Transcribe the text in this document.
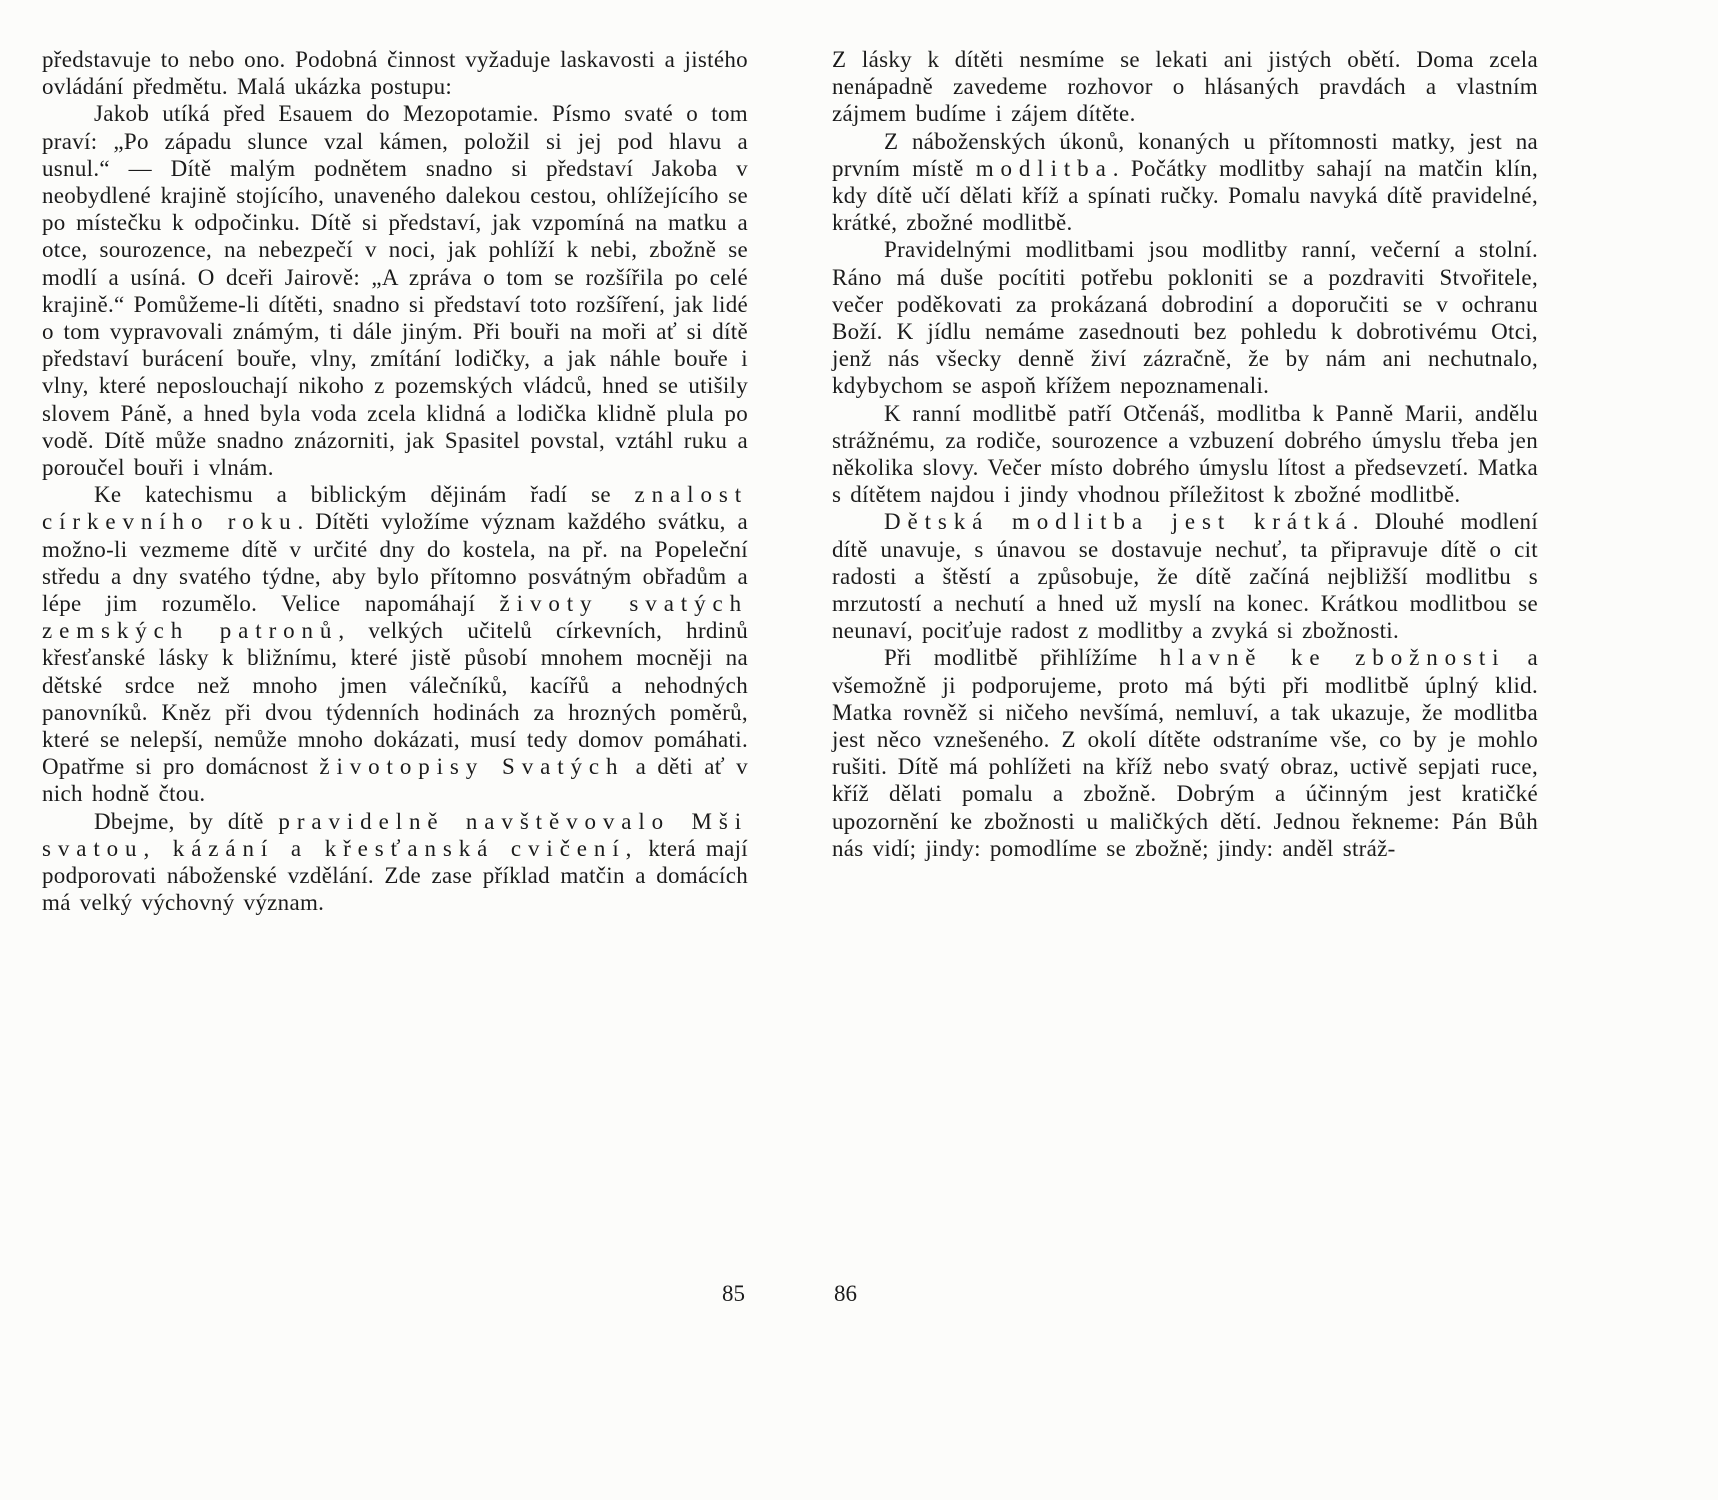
představuje to nebo ono. Podobná činnost vyžaduje laskavosti a jistého ovládání předmětu. Malá ukázka postupu:

Jakob utíká před Esauem do Mezopotamie. Písmo svaté o tom praví: „Po západu slunce vzal kámen, položil si jej pod hlavu a usnul.“ — Dítě malým podnětem snadno si představí Jakoba v neobydlené krajině stojícího, unaveného dalekou cestou, ohlížejícího se po místečku k odpočinku. Dítě si představí, jak vzpomíná na matku a otce, sourozence, na nebezpečí v noci, jak pohlíží k nebi, zbožně se modlí a usíná. O dceři Jairově: „A zpráva o tom se rozšířila po celé krajině.“ Pomůžeme-li dítěti, snadno si představí toto rozšíření, jak lidé o tom vypravovali známým, ti dále jiným. Při bouři na moři ať si dítě představí burácení bouře, vlny, zmítání lodičky, a jak náhle bouře i vlny, které neposlouchají nikoho z pozemských vládců, hned se utišily slovem Páně, a hned byla voda zcela klidná a lodička klidně plula po vodě. Dítě může snadno znázorniti, jak Spasitel povstal, vztáhl ruku a poroučel bouři i vlnám.

Ke katechismu a biblickým dějinám řadí se znalost církevního roku. Dítěti vyložíme význam každého svátku, a možno-li vezmeme dítě v určité dny do kostela, na př. na Popeleční středu a dny svatého týdne, aby bylo přítomno posvátným obřadům a lépe jim rozumělo. Velice napomáhají životy svatých zemských patronů, velkých učitelů církevních, hrdinů křesťanské lásky k bližnímu, které jistě působí mnohem mocněji na dětské srdce než mnoho jmen válečníků, kacířů a nehodných panovníků. Kněz při dvou týdenních hodinách za hrozných poměrů, které se nelepší, nemůže mnoho dokázati, musí tedy domov pomáhati. Opatřme si pro domácnost životopisy Svatých a děti ať v nich hodně čtou.

Dbejme, by dítě pravidelně navštěvovalo Mši svatou, kázání a křesťanská cvičení, která mají podporovati náboženské vzdělání. Zde zase příklad matčin a domácích má velký výchovný význam.

85

Z lásky k dítěti nesmíme se lekati ani jistých obětí. Doma zcela nenápadně zavedeme rozhovor o hlásaných pravdách a vlastním zájmem budíme i zájem dítěte.

Z náboženských úkonů, konaných u přítomnosti matky, jest na prvním místě modlitba. Počátky modlitby sahají na matčin klín, kdy dítě učí dělati kříž a spínati ručky. Pomalu navyká dítě pravidelné, krátké, zbožné modlitbě.

Pravidelnými modlitbami jsou modlitby ranní, večerní a stolní. Ráno má duše pocítiti potřebu pokloniti se a pozdraviti Stvořitele, večer poděkovati za prokázaná dobrodiní a doporučiti se v ochranu Boží. K jídlu nemáme zasednouti bez pohledu k dobrotivému Otci, jenž nás všecky denně živí zázračně, že by nám ani nechutnalo, kdybychom se aspoň křížem nepoznamenali.

K ranní modlitbě patří Otčenáš, modlitba k Panně Marii, andělu strážnému, za rodiče, sourozence a vzbuzení dobrého úmyslu třeba jen několika slovy. Večer místo dobrého úmyslu lítost a předsevzetí. Matka s dítětem najdou i jindy vhodnou příležitost k zbožné modlitbě.

Dětská modlitba jest krátká. Dlouhé modlení dítě unavuje, s únavou se dostavuje nechuť, ta připravuje dítě o cit radosti a štěstí a způsobuje, že dítě začíná nejbližší modlitbu s mrzutostí a nechutí a hned už myslí na konec. Krátkou modlitbou se neunaví, pociťuje radost z modlitby a zvyká si zbožnosti.

Při modlitbě přihlížíme hlavně ke zbožnosti a všemožně ji podporujeme, proto má býti při modlitbě úplný klid. Matka rovněž si ničeho nevšímá, nemluví, a tak ukazuje, že modlitba jest něco vznešeného. Z okolí dítěte odstraníme vše, co by je mohlo rušiti. Dítě má pohlížeti na kříž nebo svatý obraz, uctivě sepjati ruce, kříž dělati pomalu a zbožně. Dobrým a účinným jest kratičké upozornění ke zbožnosti u maličkých dětí. Jednou řekneme: Pán Bůh nás vidí; jindy: pomodlíme se zbožně; jindy: anděl stráž-

86
